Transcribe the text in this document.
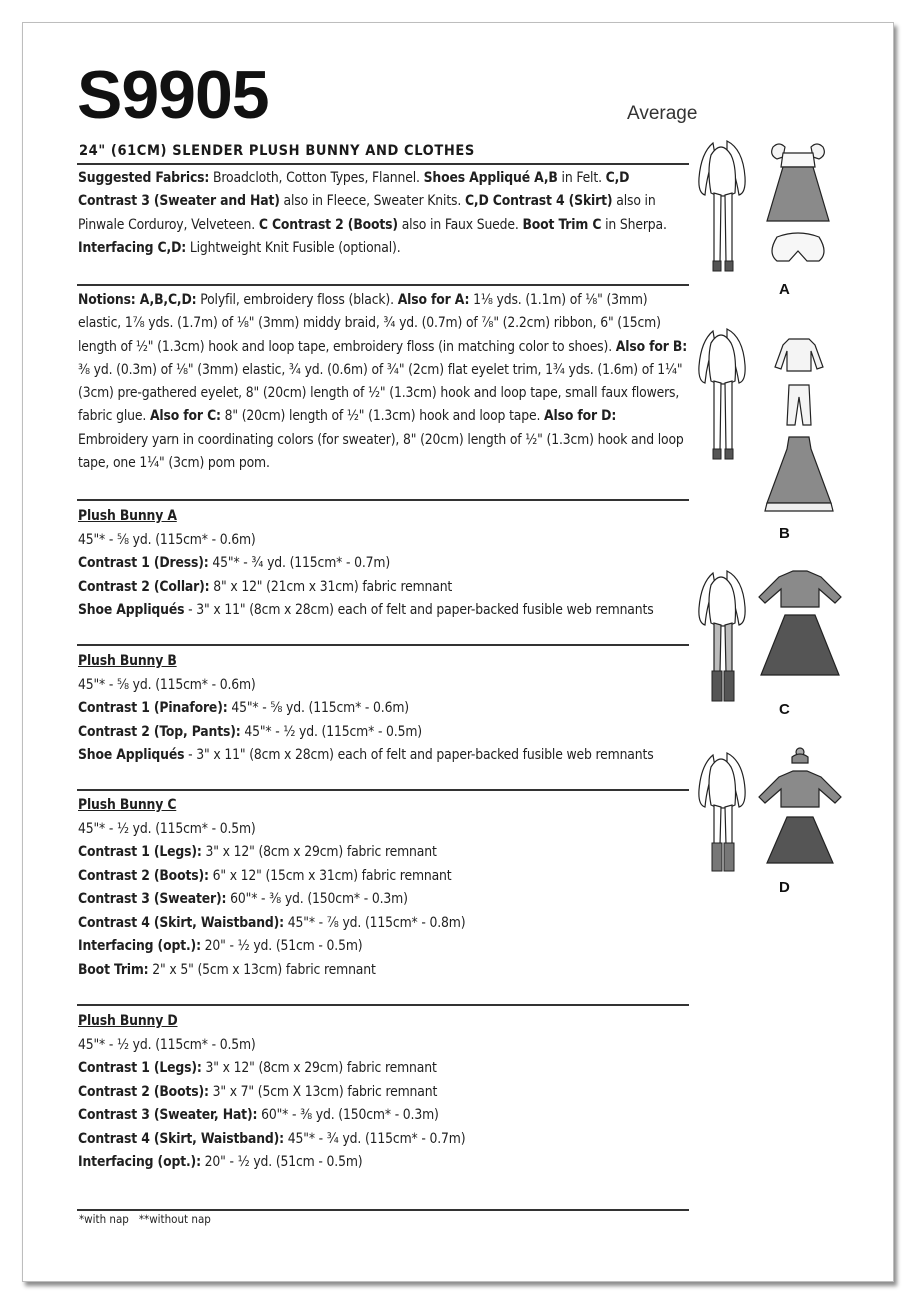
S9905	Average
24" (61CM) SLENDER PLUSH BUNNY AND CLOTHES
Suggested Fabrics: Broadcloth, Cotton Types, Flannel. Shoes Appliqué A,B in Felt. C,D Contrast 3 (Sweater and Hat) also in Fleece, Sweater Knits. C,D Contrast 4 (Skirt) also in Pinwale Corduroy, Velveteen. C Contrast 2 (Boots) also in Faux Suede. Boot Trim C in Sherpa. Interfacing C,D: Lightweight Knit Fusible (optional).
Notions: A,B,C,D: Polyfil, embroidery floss (black). Also for A: 1⅛ yds. (1.1m) of ⅛" (3mm) elastic, 1⅞ yds. (1.7m) of ⅛" (3mm) middy braid, ¾ yd. (0.7m) of ⅞" (2.2cm) ribbon, 6" (15cm) length of ½" (1.3cm) hook and loop tape, embroidery floss (in matching color to shoes). Also for B: ⅜ yd. (0.3m) of ⅛" (3mm) elastic, ¾ yd. (0.6m) of ¾" (2cm) flat eyelet trim, 1¾ yds. (1.6m) of 1¼" (3cm) pre-gathered eyelet, 8" (20cm) length of ½" (1.3cm) hook and loop tape, small faux flowers, fabric glue. Also for C: 8" (20cm) length of ½" (1.3cm) hook and loop tape. Also for D: Embroidery yarn in coordinating colors (for sweater), 8" (20cm) length of ½" (1.3cm) hook and loop tape, one 1¼" (3cm) pom pom.
Plush Bunny A
45"* - ⅝ yd. (115cm* - 0.6m)
Contrast 1 (Dress): 45"* - ¾ yd. (115cm* - 0.7m)
Contrast 2 (Collar): 8" x 12" (21cm x 31cm) fabric remnant
Shoe Appliqués - 3" x 11" (8cm x 28cm) each of felt and paper-backed fusible web remnants
Plush Bunny B
45"* - ⅝ yd. (115cm* - 0.6m)
Contrast 1 (Pinafore): 45"* - ⅝ yd. (115cm* - 0.6m)
Contrast 2 (Top, Pants): 45"* - ½ yd. (115cm* - 0.5m)
Shoe Appliqués - 3" x 11" (8cm x 28cm) each of felt and paper-backed fusible web remnants
Plush Bunny C
45"* - ½ yd. (115cm* - 0.5m)
Contrast 1 (Legs): 3" x 12" (8cm x 29cm) fabric remnant
Contrast 2 (Boots): 6" x 12" (15cm x 31cm) fabric remnant
Contrast 3 (Sweater): 60"* - ⅜ yd. (150cm* - 0.3m)
Contrast 4 (Skirt, Waistband): 45"* - ⅞ yd. (115cm* - 0.8m)
Interfacing (opt.): 20" - ½ yd. (51cm - 0.5m)
Boot Trim: 2" x 5" (5cm x 13cm) fabric remnant
Plush Bunny D
45"* - ½ yd. (115cm* - 0.5m)
Contrast 1 (Legs): 3" x 12" (8cm x 29cm) fabric remnant
Contrast 2 (Boots): 3" x 7" (5cm X 13cm) fabric remnant
Contrast 3 (Sweater, Hat): 60"* - ⅜ yd. (150cm* - 0.3m)
Contrast 4 (Skirt, Waistband): 45"* - ¾ yd. (115cm* - 0.7m)
Interfacing (opt.): 20" - ½ yd. (51cm - 0.5m)
*with nap **without nap
A
B
C
D
